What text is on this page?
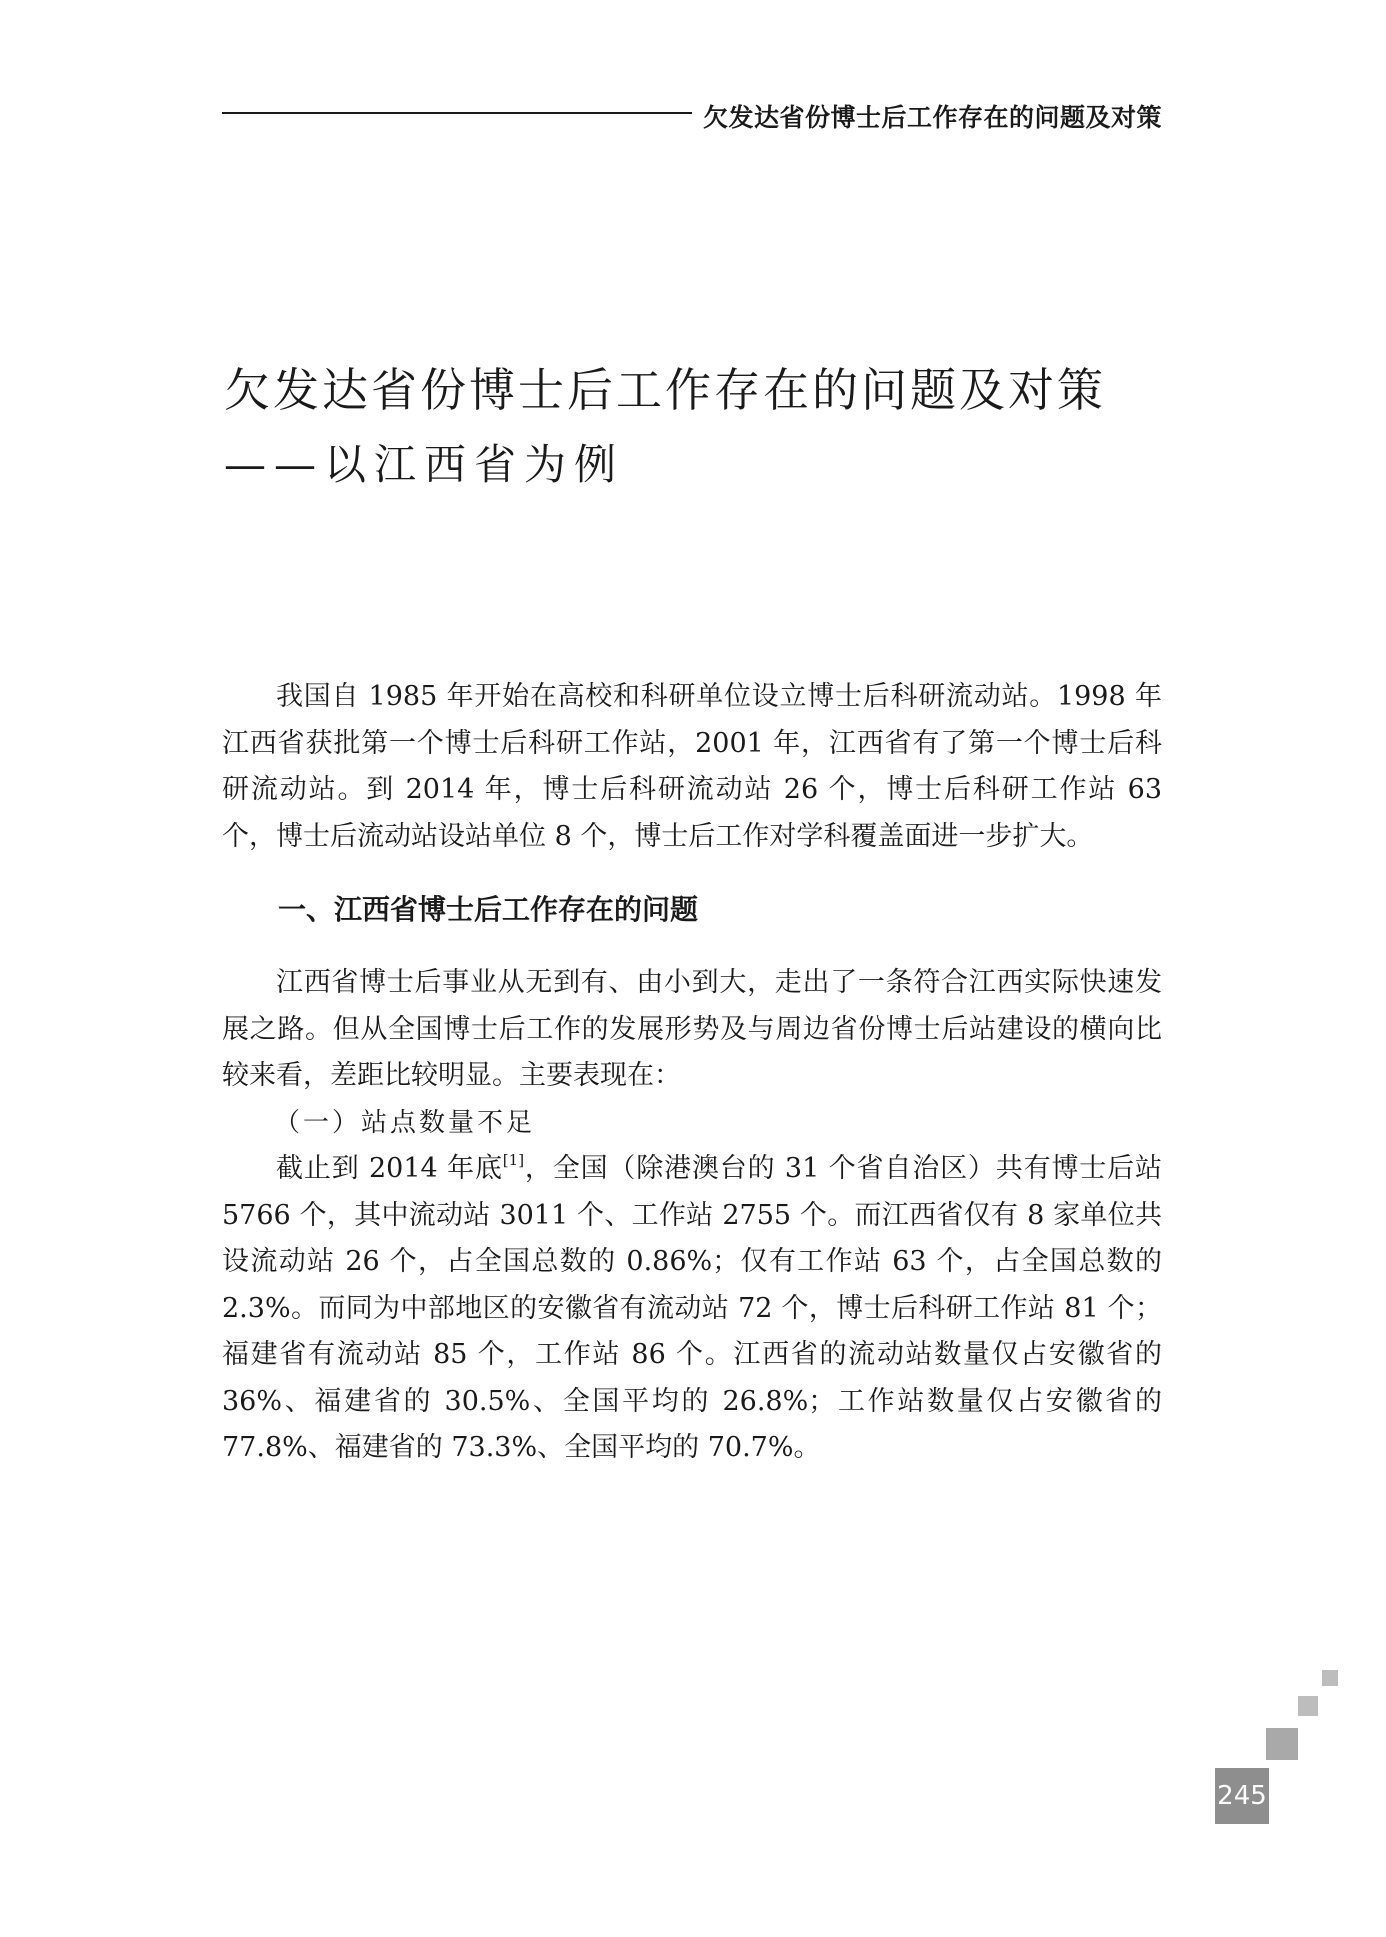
欠发达省份博士后工作存在的问题及对策
欠发达省份博士后工作存在的问题及对策
——以江西省为例

我国自 1985 年开始在高校和科研单位设立博士后科研流动站。1998 年江西省获批第一个博士后科研工作站，2001 年，江西省有了第一个博士后科研流动站。到 2014 年，博士后科研流动站 26 个，博士后科研工作站 63 个，博士后流动站设站单位 8 个，博士后工作对学科覆盖面进一步扩大。

一、江西省博士后工作存在的问题

江西省博士后事业从无到有、由小到大，走出了一条符合江西实际快速发展之路。但从全国博士后工作的发展形势及与周边省份博士后站建设的横向比较来看，差距比较明显。主要表现在：

（一）站点数量不足

截止到 2014 年底[1]，全国（除港澳台的 31 个省自治区）共有博士后站 5766 个，其中流动站 3011 个、工作站 2755 个。而江西省仅有 8 家单位共设流动站 26 个，占全国总数的 0.86%；仅有工作站 63 个，占全国总数的 2.3%。而同为中部地区的安徽省有流动站 72 个，博士后科研工作站 81 个；福建省有流动站 85 个，工作站 86 个。江西省的流动站数量仅占安徽省的 36%、福建省的 30.5%、全国平均的 26.8%；工作站数量仅占安徽省的 77.8%、福建省的 73.3%、全国平均的 70.7%。

245
